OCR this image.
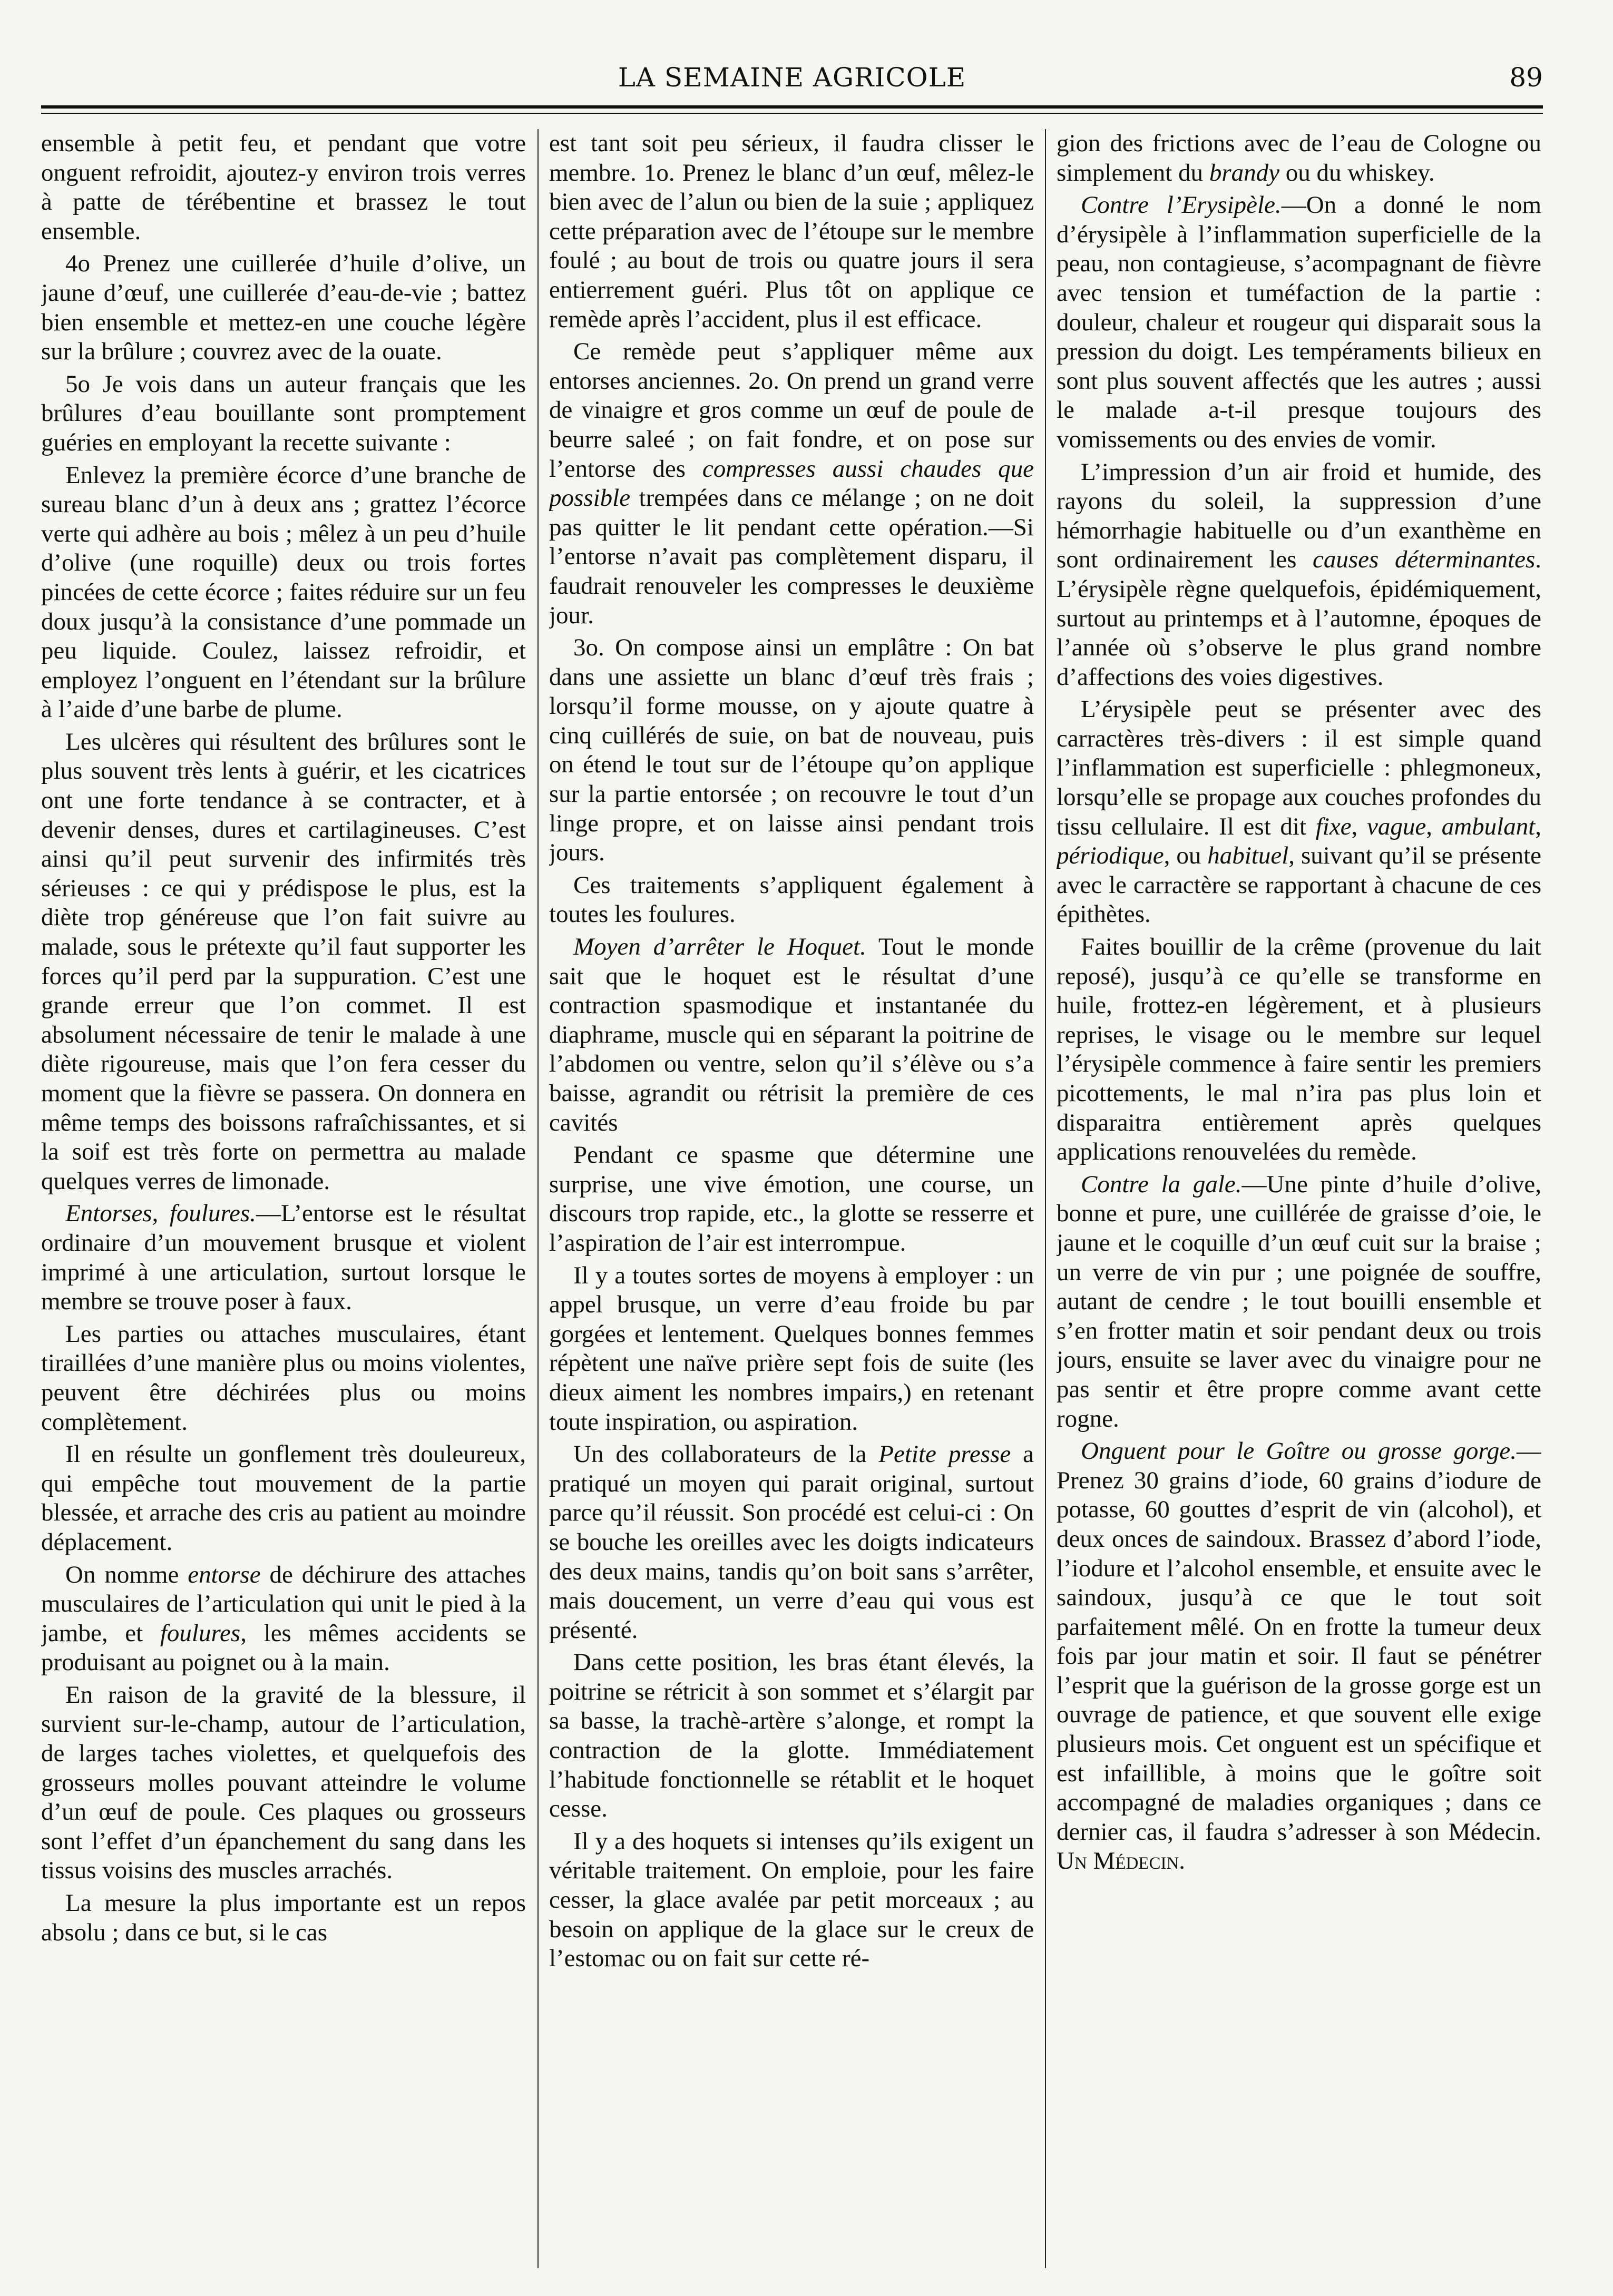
LA SEMAINE AGRICOLE	89

ensemble à petit feu, et pendant que votre onguent refroidit, ajoutez-y environ trois verres à patte de térébentine et brassez le tout ensemble.

4o Prenez une cuillerée d’huile d’olive, un jaune d’œuf, une cuillerée d’eau-de-vie ; battez bien ensemble et mettez-en une couche légère sur la brûlure ; couvrez avec de la ouate.

5o Je vois dans un auteur français que les brûlures d’eau bouillante sont promptement guéries en employant la recette suivante :

Enlevez la première écorce d’une branche de sureau blanc d’un à deux ans ; grattez l’écorce verte qui adhère au bois ; mêlez à un peu d’huile d’olive (une roquille) deux ou trois fortes pincées de cette écorce ; faites réduire sur un feu doux jusqu’à la consistance d’une pommade un peu liquide. Coulez, laissez refroidir, et employez l’onguent en l’étendant sur la brûlure à l’aide d’une barbe de plume.

Les ulcères qui résultent des brûlures sont le plus souvent très lents à guérir, et les cicatrices ont une forte tendance à se contracter, et à devenir denses, dures et cartilagineuses. C’est ainsi qu’il peut survenir des infirmités très sérieuses : ce qui y prédispose le plus, est la diète trop généreuse que l’on fait suivre au malade, sous le prétexte qu’il faut supporter les forces qu’il perd par la suppuration. C’est une grande erreur que l’on commet. Il est absolument nécessaire de tenir le malade à une diète rigoureuse, mais que l’on fera cesser du moment que la fièvre se passera. On donnera en même temps des boissons rafraîchissantes, et si la soif est très forte on permettra au malade quelques verres de limonade.

Entorses, foulures.—L’entorse est le résultat ordinaire d’un mouvement brusque et violent imprimé à une articulation, surtout lorsque le membre se trouve poser à faux.

Les parties ou attaches musculaires, étant tiraillées d’une manière plus ou moins violentes, peuvent être déchirées plus ou moins complètement.

Il en résulte un gonflement très douleureux, qui empêche tout mouvement de la partie blessée, et arrache des cris au patient au moindre déplacement.

On nomme entorse de déchirure des attaches musculaires de l’articulation qui unit le pied à la jambe, et foulures, les mêmes accidents se produisant au poignet ou à la main.

En raison de la gravité de la blessure, il survient sur-le-champ, autour de l’articulation, de larges taches violettes, et quelquefois des grosseurs molles pouvant atteindre le volume d’un œuf de poule. Ces plaques ou grosseurs sont l’effet d’un épanchement du sang dans les tissus voisins des muscles arrachés.

La mesure la plus importante est un repos absolu ; dans ce but, si le cas

est tant soit peu sérieux, il faudra clisser le membre. 1o. Prenez le blanc d’un œuf, mêlez-le bien avec de l’alun ou bien de la suie ; appliquez cette préparation avec de l’étoupe sur le membre foulé ; au bout de trois ou quatre jours il sera entierrement guéri. Plus tôt on applique ce remède après l’accident, plus il est efficace.

Ce remède peut s’appliquer même aux entorses anciennes. 2o. On prend un grand verre de vinaigre et gros comme un œuf de poule de beurre saleé ; on fait fondre, et on pose sur l’entorse des compresses aussi chaudes que possible trempées dans ce mélange ; on ne doit pas quitter le lit pendant cette opération.—Si l’entorse n’avait pas complètement disparu, il faudrait renouveler les compresses le deuxième jour.

3o. On compose ainsi un emplâtre : On bat dans une assiette un blanc d’œuf très frais ; lorsqu’il forme mousse, on y ajoute quatre à cinq cuillérés de suie, on bat de nouveau, puis on étend le tout sur de l’étoupe qu’on applique sur la partie entorsée ; on recouvre le tout d’un linge propre, et on laisse ainsi pendant trois jours.

Ces traitements s’appliquent également à toutes les foulures.

Moyen d’arrêter le Hoquet. Tout le monde sait que le hoquet est le résultat d’une contraction spasmodique et instantanée du diaphrame, muscle qui en séparant la poitrine de l’abdomen ou ventre, selon qu’il s’élève ou s’a baisse, agrandit ou rétrisit la première de ces cavités

Pendant ce spasme que détermine une surprise, une vive émotion, une course, un discours trop rapide, etc., la glotte se resserre et l’aspiration de l’air est interrompue.

Il y a toutes sortes de moyens à employer : un appel brusque, un verre d’eau froide bu par gorgées et lentement. Quelques bonnes femmes répètent une naïve prière sept fois de suite (les dieux aiment les nombres impairs,) en retenant toute inspiration, ou aspiration.

Un des collaborateurs de la Petite presse a pratiqué un moyen qui parait original, surtout parce qu’il réussit. Son procédé est celui-ci : On se bouche les oreilles avec les doigts indicateurs des deux mains, tandis qu’on boit sans s’arrêter, mais doucement, un verre d’eau qui vous est présenté.

Dans cette position, les bras étant élevés, la poitrine se rétricit à son sommet et s’élargit par sa basse, la trachè-artère s’alonge, et rompt la contraction de la glotte. Immédiatement l’habitude fonctionnelle se rétablit et le hoquet cesse.

Il y a des hoquets si intenses qu’ils exigent un véritable traitement. On emploie, pour les faire cesser, la glace avalée par petit morceaux ; au besoin on applique de la glace sur le creux de l’estomac ou on fait sur cette ré-

gion des frictions avec de l’eau de Cologne ou simplement du brandy ou du whiskey.

Contre l’Erysipèle.—On a donné le nom d’érysipèle à l’inflammation superficielle de la peau, non contagieuse, s’acompagnant de fièvre avec tension et tuméfaction de la partie : douleur, chaleur et rougeur qui disparait sous la pression du doigt. Les tempéraments bilieux en sont plus souvent affectés que les autres ; aussi le malade a-t-il presque toujours des vomissements ou des envies de vomir.

L’impression d’un air froid et humide, des rayons du soleil, la suppression d’une hémorrhagie habituelle ou d’un exanthème en sont ordinairement les causes déterminantes. L’érysipèle règne quelquefois, épidémiquement, surtout au printemps et à l’automne, époques de l’année où s’observe le plus grand nombre d’affections des voies digestives.

L’érysipèle peut se présenter avec des carractères très-divers : il est simple quand l’inflammation est superficielle : phlegmoneux, lorsqu’elle se propage aux couches profondes du tissu cellulaire. Il est dit fixe, vague, ambulant, périodique, ou habituel, suivant qu’il se présente avec le carractère se rapportant à chacune de ces épithètes.

Faites bouillir de la crême (provenue du lait reposé), jusqu’à ce qu’elle se transforme en huile, frottez-en légèrement, et à plusieurs reprises, le visage ou le membre sur lequel l’érysipèle commence à faire sentir les premiers picottements, le mal n’ira pas plus loin et disparaitra entièrement après quelques applications renouvelées du remède.

Contre la gale.—Une pinte d’huile d’olive, bonne et pure, une cuillérée de graisse d’oie, le jaune et le coquille d’un œuf cuit sur la braise ; un verre de vin pur ; une poignée de souffre, autant de cendre ; le tout bouilli ensemble et s’en frotter matin et soir pendant deux ou trois jours, ensuite se laver avec du vinaigre pour ne pas sentir et être propre comme avant cette rogne.

Onguent pour le Goître ou grosse gorge.—Prenez 30 grains d’iode, 60 grains d’iodure de potasse, 60 gouttes d’esprit de vin (alcohol), et deux onces de saindoux. Brassez d’abord l’iode, l’iodure et l’alcohol ensemble, et ensuite avec le saindoux, jusqu’à ce que le tout soit parfaitement mêlé. On en frotte la tumeur deux fois par jour matin et soir. Il faut se pénétrer l’esprit que la guérison de la grosse gorge est un ouvrage de patience, et que souvent elle exige plusieurs mois. Cet onguent est un spécifique et est infaillible, à moins que le goître soit accompagné de maladies organiques ; dans ce dernier cas, il faudra s’adresser à son Médecin. Un Médecin.
